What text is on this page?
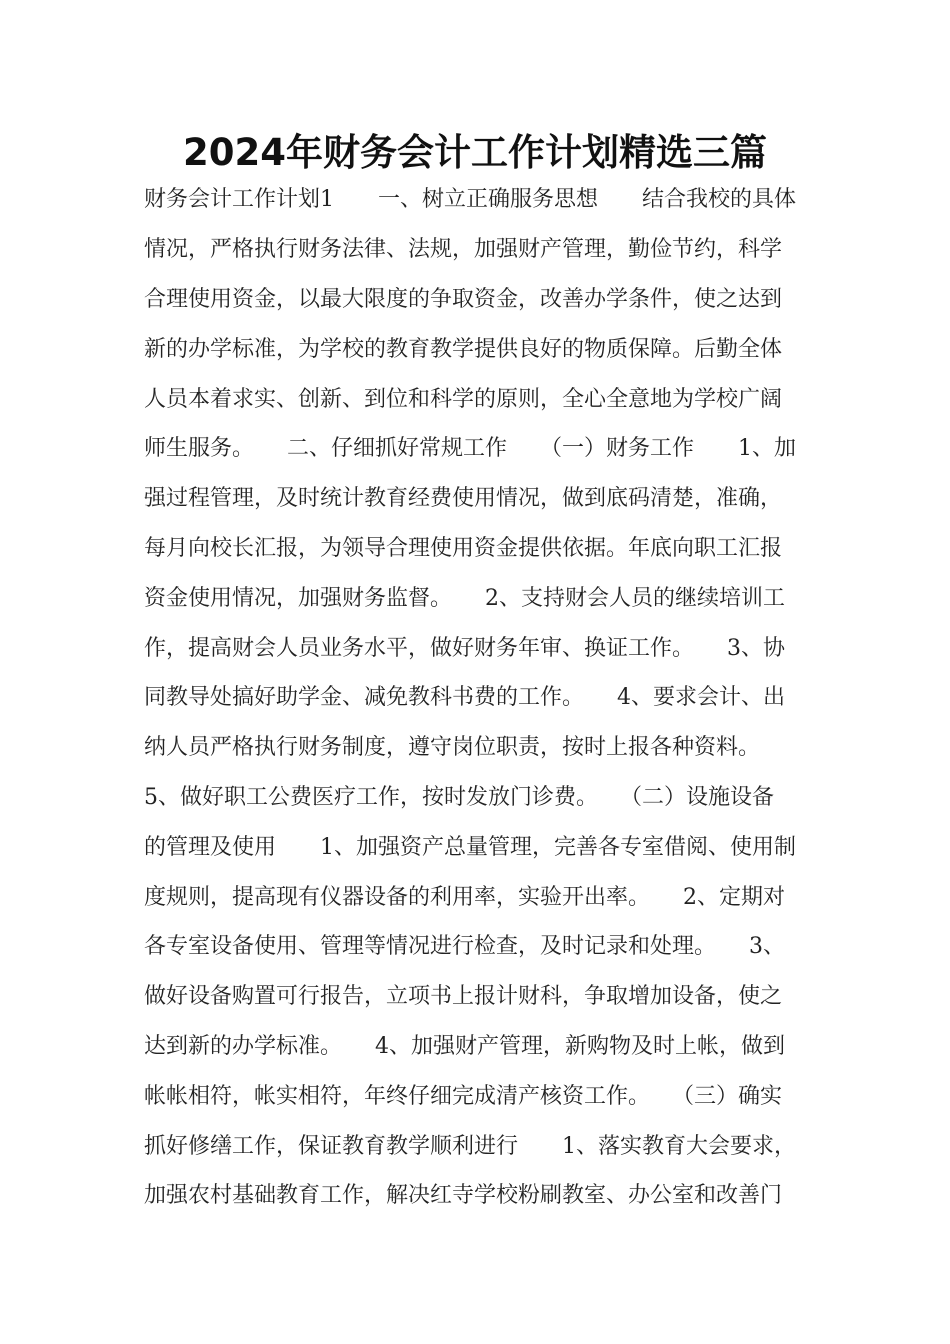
2024年财务会计工作计划精选三篇

财务会计工作计划1　　一、树立正确服务思想　　结合我校的具体

情况，严格执行财务法律、法规，加强财产管理，勤俭节约，科学

合理使用资金，以最大限度的争取资金，改善办学条件，使之达到

新的办学标准，为学校的教育教学提供良好的物质保障。后勤全体

人员本着求实、创新、到位和科学的原则，全心全意地为学校广阔

师生服务。　　二、仔细抓好常规工作　　（一）财务工作　　1、加

强过程管理，及时统计教育经费使用情况，做到底码清楚，准确，

每月向校长汇报，为领导合理使用资金提供依据。年底向职工汇报

资金使用情况，加强财务监督。　　2、支持财会人员的继续培训工

作，提高财会人员业务水平，做好财务年审、换证工作。　　3、协

同教导处搞好助学金、减免教科书费的工作。　　4、要求会计、出

纳人员严格执行财务制度，遵守岗位职责，按时上报各种资料。

5、做好职工公费医疗工作，按时发放门诊费。　　（二）设施设备

的管理及使用　　1、加强资产总量管理，完善各专室借阅、使用制

度规则，提高现有仪器设备的利用率，实验开出率。　　2、定期对

各专室设备使用、管理等情况进行检查，及时记录和处理。　　3、

做好设备购置可行报告，立项书上报计财科，争取增加设备，使之

达到新的办学标准。　　4、加强财产管理，新购物及时上帐，做到

帐帐相符，帐实相符，年终仔细完成清产核资工作。　　（三）确实

抓好修缮工作，保证教育教学顺利进行　　1、落实教育大会要求，

加强农村基础教育工作，解决红寺学校粉刷教室、办公室和改善门
